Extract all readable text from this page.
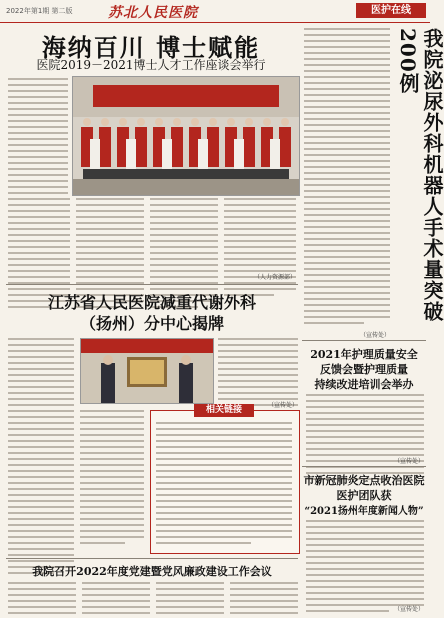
2022年第1期 第二版	苏北人民医院	医护在线
海纳百川 博士赋能
医院2019－2021博士人才工作座谈会举行
（人力资源部）	我院泌尿外科机器人手术量突破200例
（宣传处）
江苏省人民医院减重代谢外科
（扬州）分中心揭牌
（宣传处）
相关链接
2021年护理质量安全
反馈会暨护理质量
持续改进培训会举办
（宣传处）
市新冠肺炎定点收治医院
医护团队获
“2021扬州年度新闻人物”
（宣传处）
我院召开2022年度党建暨党风廉政建设工作会议
